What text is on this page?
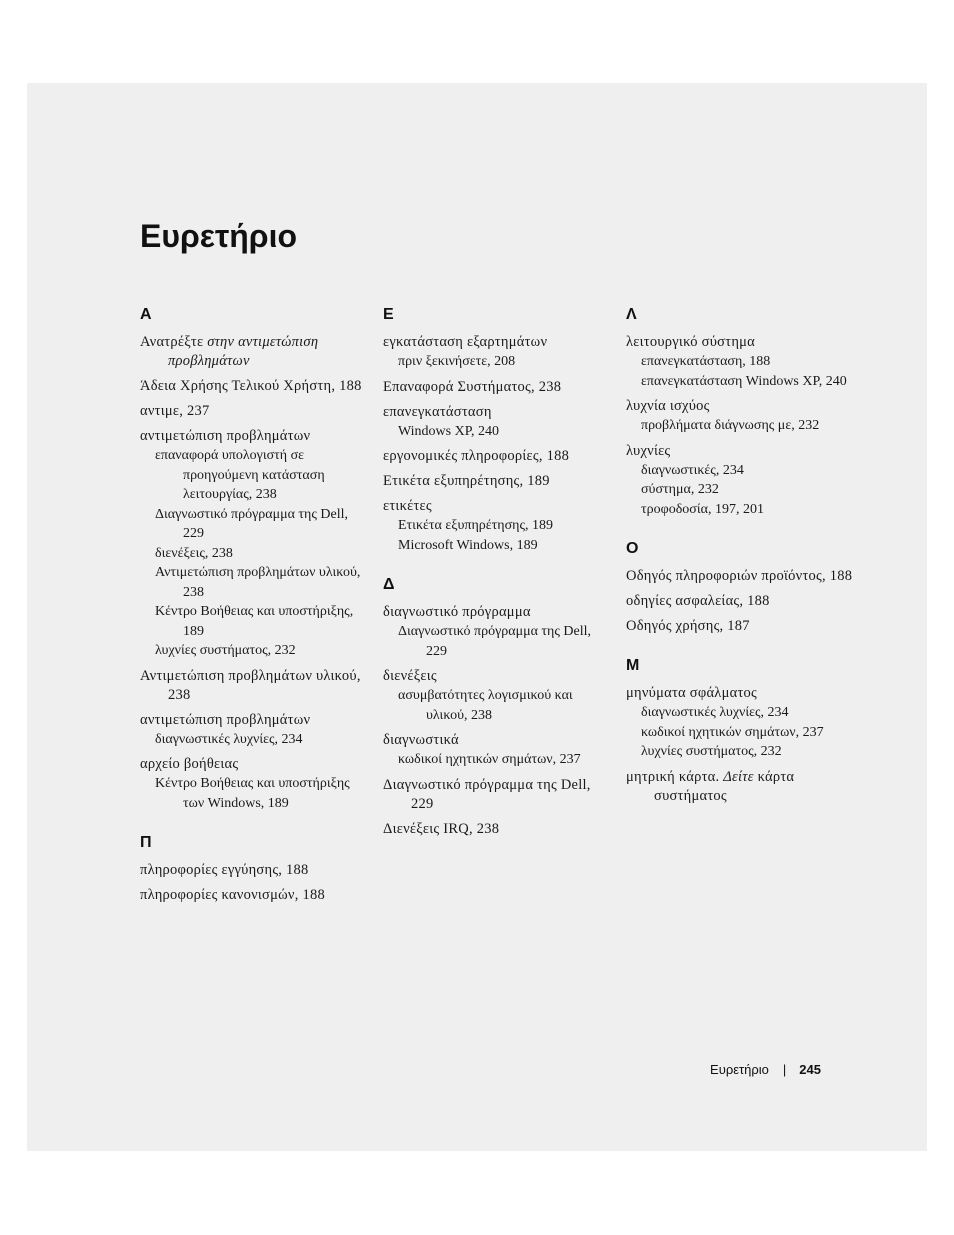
Ευρετήριο
Α
Ανατρέξτε στην αντιμετώπιση προβλημάτων
Άδεια Χρήσης Τελικού Χρήστη, 188
αντιμε, 237
αντιμετώπιση προβλημάτων
επαναφορά υπολογιστή σε προηγούμενη κατάσταση λειτουργίας, 238
Διαγνωστικό πρόγραμμα της Dell, 229
διενέξεις, 238
Αντιμετώπιση προβλημάτων υλικού, 238
Κέντρο Βοήθειας και υποστήριξης, 189
λυχνίες συστήματος, 232
Αντιμετώπιση προβλημάτων υλικού, 238
αντιμετώπιση προβλημάτων
διαγνωστικές λυχνίες, 234
αρχείο βοήθειας
Κέντρο Βοήθειας και υποστήριξης των Windows, 189
Π
πληροφορίες εγγύησης, 188
πληροφορίες κανονισμών, 188
Ε
εγκατάσταση εξαρτημάτων
πριν ξεκινήσετε, 208
Επαναφορά Συστήματος, 238
επανεγκατάσταση
Windows XP, 240
εργονομικές πληροφορίες, 188
Ετικέτα εξυπηρέτησης, 189
ετικέτες
Ετικέτα εξυπηρέτησης, 189
Microsoft Windows, 189
Δ
διαγνωστικό πρόγραμμα
Διαγνωστικό πρόγραμμα της Dell, 229
διενέξεις
ασυμβατότητες λογισμικού και υλικού, 238
διαγνωστικά
κωδικοί ηχητικών σημάτων, 237
Διαγνωστικό πρόγραμμα της Dell, 229
Διενέξεις IRQ, 238
Λ
λειτουργικό σύστημα
επανεγκατάσταση, 188
επανεγκατάσταση Windows XP, 240
λυχνία ισχύος
προβλήματα διάγνωσης με, 232
λυχνίες
διαγνωστικές, 234
σύστημα, 232
τροφοδοσία, 197, 201
Ο
Οδηγός πληροφοριών προϊόντος, 188
οδηγίες ασφαλείας, 188
Οδηγός χρήσης, 187
Μ
μηνύματα σφάλματος
διαγνωστικές λυχνίες, 234
κωδικοί ηχητικών σημάτων, 237
λυχνίες συστήματος, 232
μητρική κάρτα. Δείτε κάρτα συστήματος
Ευρετήριο | 245
